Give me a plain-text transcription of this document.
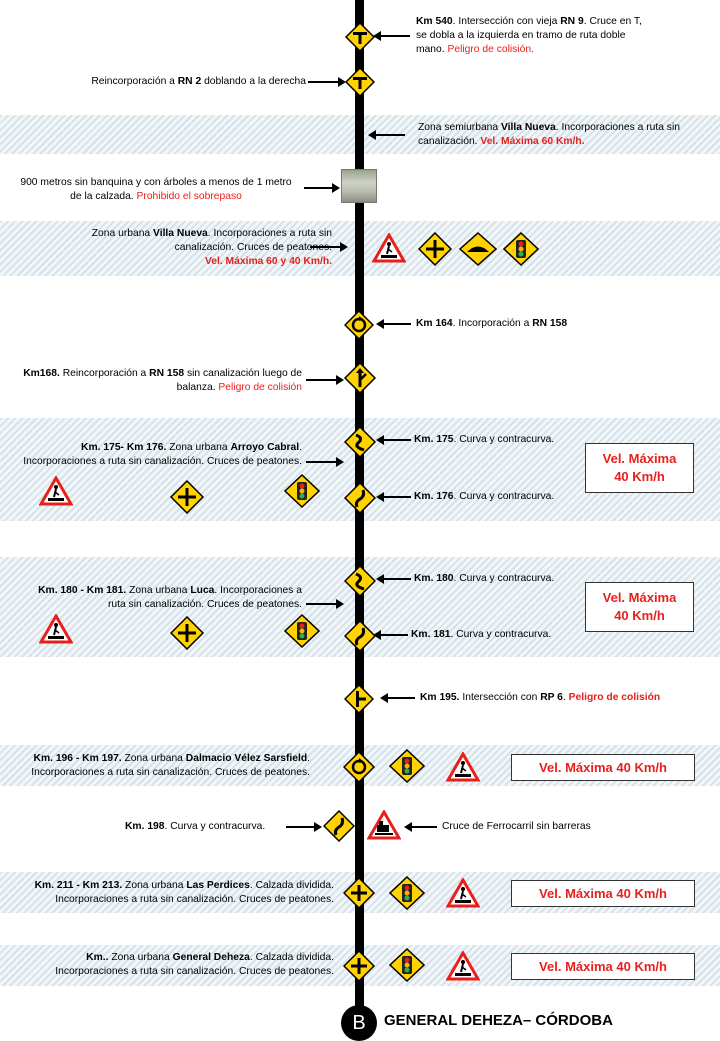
Km 540. Intersección con vieja RN 9. Cruce en T,
se dobla a la izquierda en tramo de ruta doble
mano. Peligro de colisión.
Reincorporación a RN 2 doblando a la derecha
Zona semiurbana Villa Nueva. Incorporaciones a ruta sin
canalización. Vel. Máxima 60 Km/h.
900 metros sin banquina y con árboles a menos de 1 metro
de la calzada. Prohibido el sobrepaso
Zona urbana Villa Nueva. Incorporaciones a ruta sin
canalización. Cruces de peatones.
Vel. Máxima 60 y 40 Km/h.
Km 164. Incorporación a RN 158
Km168. Reincorporación a RN 158 sin canalización luego de
balanza. Peligro de colisión
Km. 175- Km 176. Zona urbana Arroyo Cabral.
Incorporaciones a ruta sin canalización. Cruces de peatones.
Km. 175. Curva y contracurva.
Km. 176. Curva y contracurva.
Km. 180 - Km 181. Zona urbana Luca. Incorporaciones a
ruta sin canalización. Cruces de peatones.
Km. 180. Curva y contracurva.
Km. 181. Curva y contracurva.
Km 195. Intersección con RP 6. Peligro de colisión
Km. 196 - Km 197. Zona urbana Dalmacio Vélez Sarsfield.
Incorporaciones a ruta sin canalización. Cruces de peatones.
Km. 198. Curva y contracurva.	Cruce de Ferrocarril sin barreras
Km. 211 - Km 213. Zona urbana Las Perdices. Calzada dividida.
Incorporaciones a ruta sin canalización. Cruces de peatones.
Km.. Zona urbana General Deheza. Calzada dividida.
Incorporaciones a ruta sin canalización. Cruces de peatones.
Vel. Máxima
40 Km/h
Vel. Máxima
40 Km/h
Vel. Máxima 40 Km/h
Vel. Máxima 40 Km/h
Vel. Máxima 40 Km/h
B	GENERAL DEHEZA– CÓRDOBA
